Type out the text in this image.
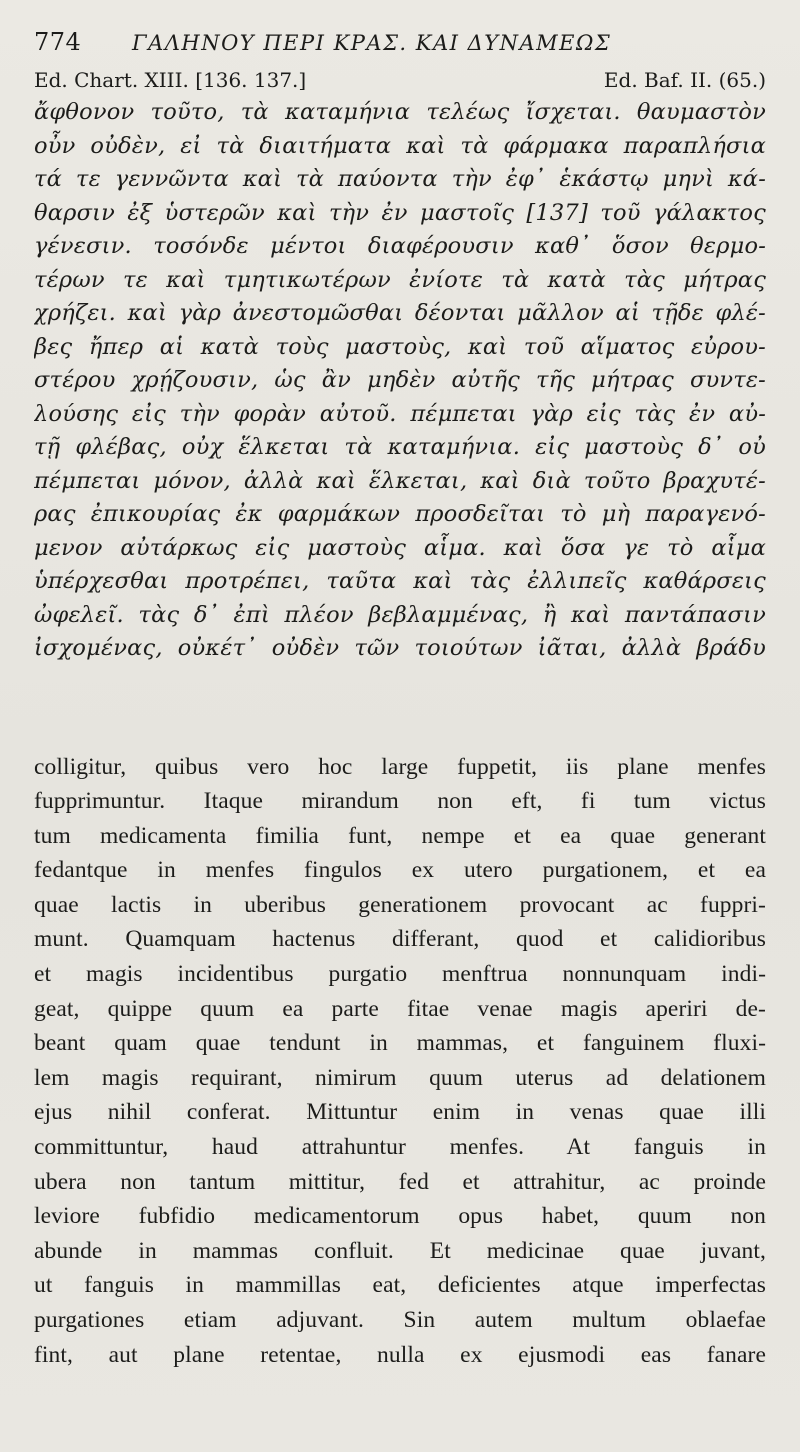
774	ΓΑΛΗΝΟΥ ΠΕΡΙ ΚΡΑΣ. ΚΑΙ ΔΥΝΑΜΕΩΣ
Ed. Chart. XIII. [136. 137.]	Ed. Baf. II. (65.)
ἄφθονον τοῦτο, τὰ καταμήνια τελέως ἴσχεται. θαυμαστὸν
οὖν οὐδὲν, εἰ τὰ διαιτήματα καὶ τὰ φάρμακα παραπλήσια
τά τε γεννῶντα καὶ τὰ παύοντα τὴν ἐφ᾽ ἑκάστῳ μηνὶ κά-
θαρσιν ἐξ ὑστερῶν καὶ τὴν ἐν μαστοῖς [137] τοῦ γάλακτος
γένεσιν. τοσόνδε μέντοι διαφέρουσιν καθ᾽ ὅσον θερμο-
τέρων τε καὶ τμητικωτέρων ἐνίοτε τὰ κατὰ τὰς μήτρας
χρήζει. καὶ γὰρ ἀνεστομῶσθαι δέονται μᾶλλον αἱ τῇδε φλέ-
βες ἤπερ αἱ κατὰ τοὺς μαστοὺς, καὶ τοῦ αἵματος εὐρου-
στέρου χρῄζουσιν, ὡς ἂν μηδὲν αὐτῆς τῆς μήτρας συντε-
λούσης εἰς τὴν φορὰν αὐτοῦ. πέμπεται γὰρ εἰς τὰς ἐν αὐ-
τῇ φλέβας, οὐχ ἕλκεται τὰ καταμήνια. εἰς μαστοὺς δ᾽ οὐ
πέμπεται μόνον, ἀλλὰ καὶ ἕλκεται, καὶ διὰ τοῦτο βραχυτέ-
ρας ἐπικουρίας ἐκ φαρμάκων προσδεῖται τὸ μὴ παραγενό-
μενον αὐτάρκως εἰς μαστοὺς αἷμα. καὶ ὅσα γε τὸ αἷμα
ὑπέρχεσθαι προτρέπει, ταῦτα καὶ τὰς ἐλλιπεῖς καθάρσεις
ὠφελεῖ. τὰς δ᾽ ἐπὶ πλέον βεβλαμμένας, ἢ καὶ παντάπασιν
ἰσχομένας, οὐκέτ᾽ οὐδὲν τῶν τοιούτων ἰᾶται, ἀλλὰ βράδυ
colligitur, quibus vero hoc large fuppetit, iis plane menfes
fupprimuntur. Itaque mirandum non eft, fi tum victus
tum medicamenta fimilia funt, nempe et ea quae generant
fedantque in menfes fingulos ex utero purgationem, et ea
quae lactis in uberibus generationem provocant ac fuppri-
munt. Quamquam hactenus differant, quod et calidioribus
et magis incidentibus purgatio menftrua nonnunquam indi-
geat, quippe quum ea parte fitae venae magis aperiri de-
beant quam quae tendunt in mammas, et fanguinem fluxi-
lem magis requirant, nimirum quum uterus ad delationem
ejus nihil conferat. Mittuntur enim in venas quae illi
committuntur, haud attrahuntur menfes. At fanguis in
ubera non tantum mittitur, fed et attrahitur, ac proinde
leviore fubfidio medicamentorum opus habet, quum non
abunde in mammas confluit. Et medicinae quae juvant,
ut fanguis in mammillas eat, deficientes atque imperfectas
purgationes etiam adjuvant. Sin autem multum oblaefae
fint, aut plane retentae, nulla ex ejusmodi eas fanare
